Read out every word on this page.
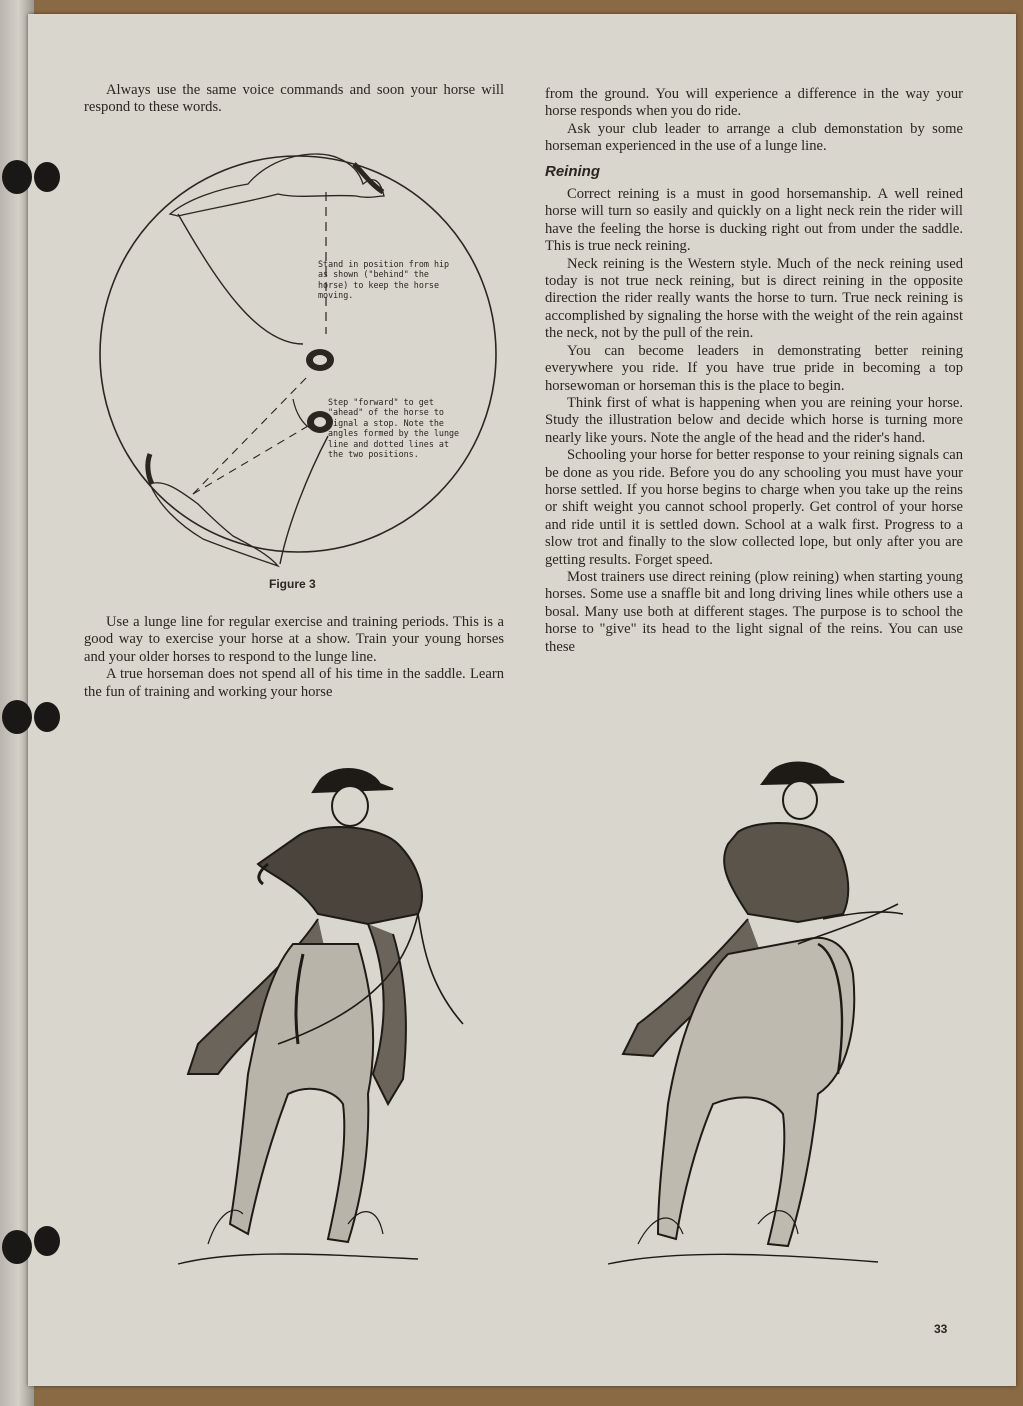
Always use the same voice commands and soon your horse will respond to these words.

Stand in position from hip as shown ("behind" the horse) to keep the horse moving.
Step "forward" to get "ahead" of the horse to signal a stop. Note the angles formed by the lunge line and dotted lines at the two positions.
Figure 3

Use a lunge line for regular exercise and training periods. This is a good way to exercise your horse at a show. Train your young horses and your older horses to respond to the lunge line.

A true horseman does not spend all of his time in the saddle. Learn the fun of training and working your horse

from the ground. You will experience a difference in the way your horse responds when you do ride.

Ask your club leader to arrange a club demonstation by some horseman experienced in the use of a lunge line.

Reining

Correct reining is a must in good horsemanship. A well reined horse will turn so easily and quickly on a light neck rein the rider will have the feeling the horse is ducking right out from under the saddle. This is true neck reining.

Neck reining is the Western style. Much of the neck reining used today is not true neck reining, but is direct reining in the opposite direction the rider really wants the horse to turn. True neck reining is accomplished by signaling the horse with the weight of the rein against the neck, not by the pull of the rein.

You can become leaders in demonstrating better reining everywhere you ride. If you have true pride in becoming a top horsewoman or horseman this is the place to begin.

Think first of what is happening when you are reining your horse. Study the illustration below and decide which horse is turning more nearly like yours. Note the angle of the head and the rider's hand.

Schooling your horse for better response to your reining signals can be done as you ride. Before you do any schooling you must have your horse settled. If you horse begins to charge when you take up the reins or shift weight you cannot school properly. Get control of your horse and ride until it is settled down. School at a walk first. Progress to a slow trot and finally to the slow collected lope, but only after you are getting results. Forget speed.

Most trainers use direct reining (plow reining) when starting young horses. Some use a snaffle bit and long driving lines while others use a bosal. Many use both at different stages. The purpose is to school the horse to "give" its head to the light signal of the reins. You can use these

33
